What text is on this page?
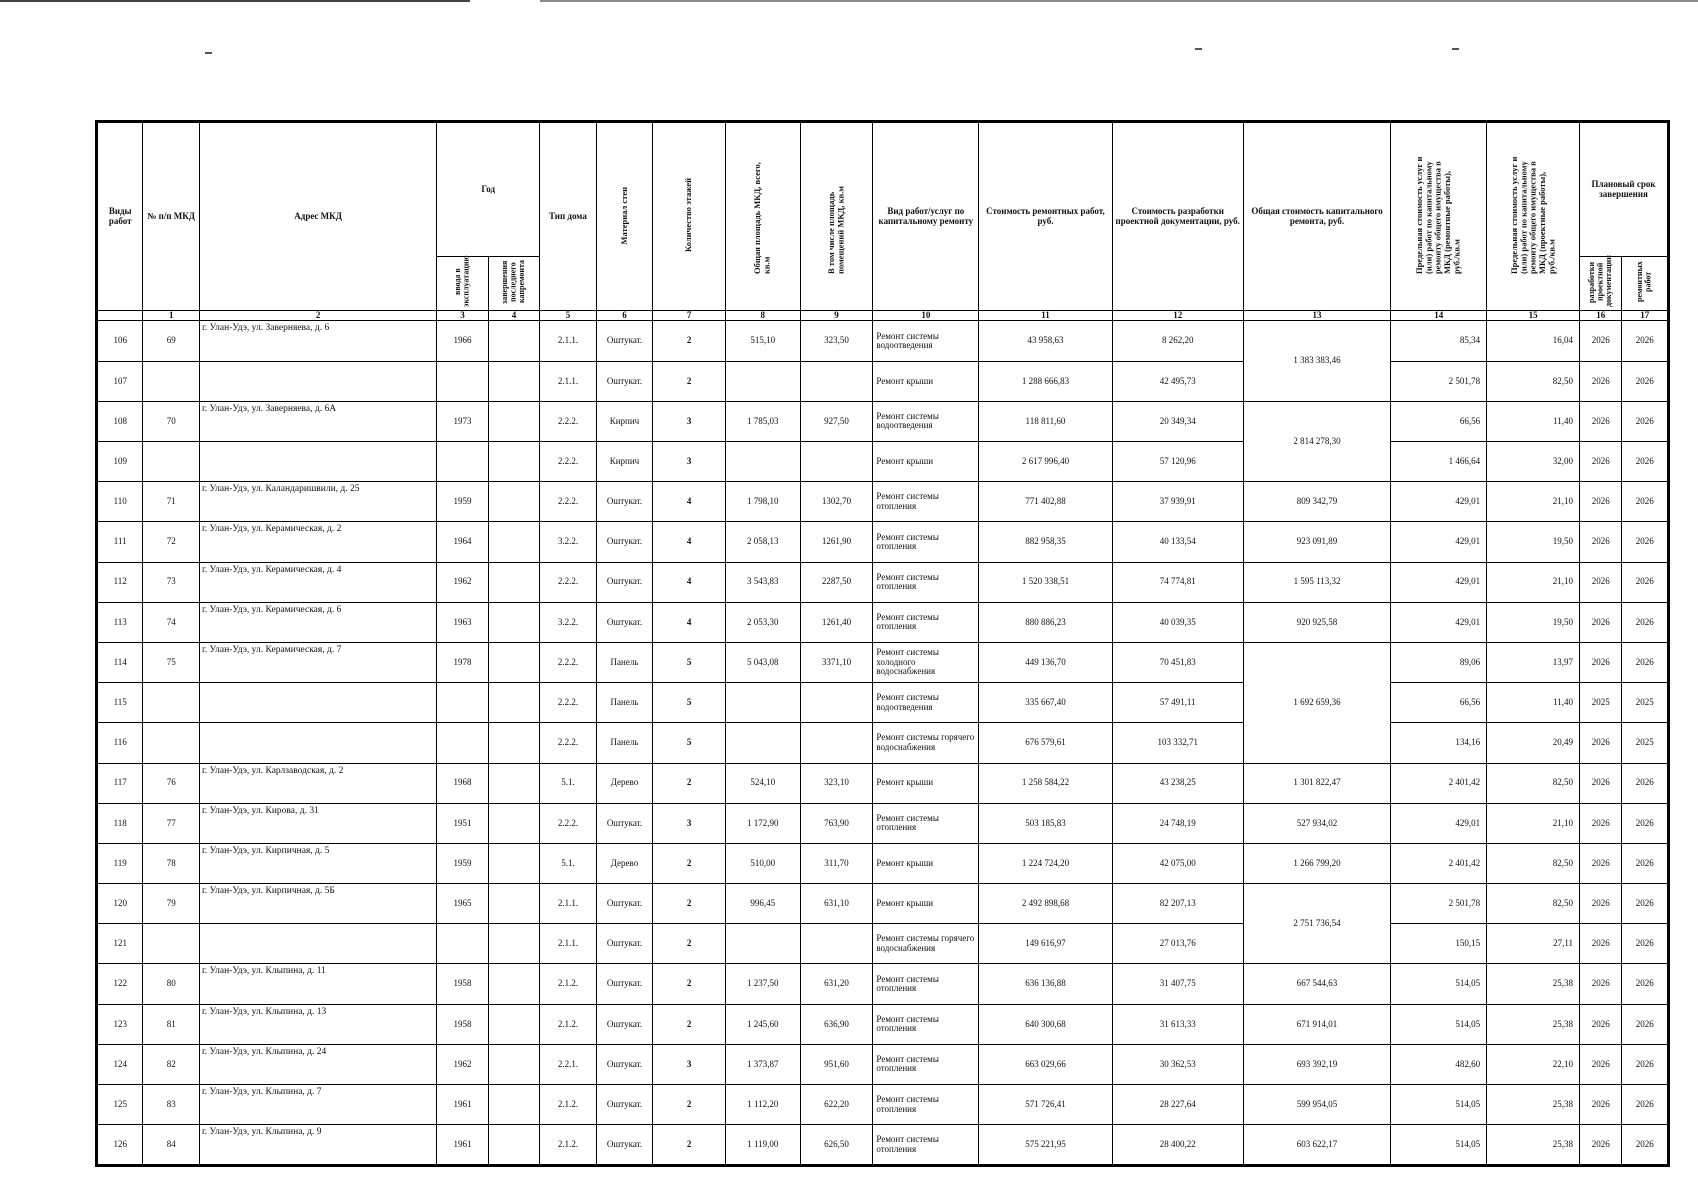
Виды работ	№ п/п МКД	Адрес МКД	Год		Тип дома	Материал стен	Количество этажей	Общая площадь МКД, всего, кв.м	В том числе площадь помещений МКД, кв.м	Вид работ/услуг по капитальному ремонту	Стоимость ремонтных работ, руб.	Стоимость разработки проектной документации, руб.	Общая стоимость капитального ремонта, руб.	Предельная стоимость услуг и (или) работ по капитальному ремонту общего имущества в МКД (ремонтные работы), руб./кв.м	Предельная стоимость услуг и (или) работ по капитальному ремонту общего имущества в МКД (проектные работы), руб./кв.м	Плановый срок завершения	
			ввода в эксплуатацию	завершения последнего капремонта												разработки проектной документации	ремонтных работ
	1	2	3	4	5	6	7	8	9	10	11	12	13	14	15	16	17
106	69	г. Улан-Удэ, ул. Заверняева, д. 6	1966		2.1.1.	Оштукат.	2	515,10	323,50	Ремонт системы водоотведения	43 958,63	8 262,20	1 383 383,46	85,34	16,04	2026	2026
107					2.1.1.	Оштукат.	2			Ремонт крыши	1 288 666,83	42 495,73		2 501,78	82,50	2026	2026
108	70	г. Улан-Удэ, ул. Заверняева, д. 6А	1973		2.2.2.	Кирпич	3	1 785,03	927,50	Ремонт системы водоотведения	118 811,60	20 349,34	2 814 278,30	66,56	11,40	2026	2026
109					2.2.2.	Кирпич	3			Ремонт крыши	2 617 996,40	57 120,96		1 466,64	32,00	2026	2026
110	71	г. Улан-Удэ, ул. Каландаришвили, д. 25	1959		2.2.2.	Оштукат.	4	1 798,10	1302,70	Ремонт системы отопления	771 402,88	37 939,91	809 342,79	429,01	21,10	2026	2026
111	72	г. Улан-Удэ, ул. Керамическая, д. 2	1964		3.2.2.	Оштукат.	4	2 058,13	1261,90	Ремонт системы отопления	882 958,35	40 133,54	923 091,89	429,01	19,50	2026	2026
112	73	г. Улан-Удэ, ул. Керамическая, д. 4	1962		2.2.2.	Оштукат.	4	3 543,83	2287,50	Ремонт системы отопления	1 520 338,51	74 774,81	1 595 113,32	429,01	21,10	2026	2026
113	74	г. Улан-Удэ, ул. Керамическая, д. 6	1963		3.2.2.	Оштукат.	4	2 053,30	1261,40	Ремонт системы отопления	880 886,23	40 039,35	920 925,58	429,01	19,50	2026	2026
114	75	г. Улан-Удэ, ул. Керамическая, д. 7	1978		2.2.2.	Панель	5	5 043,08	3371,10	Ремонт системы холодного водоснабжения	449 136,70	70 451,83	1 692 659,36	89,06	13,97	2026	2026
115					2.2.2.	Панель	5			Ремонт системы водоотведения	335 667,40	57 491,11		66,56	11,40	2025	2025
116					2.2.2.	Панель	5			Ремонт системы горячего водоснабжения	676 579,61	103 332,71		134,16	20,49	2026	2025
117	76	г. Улан-Удэ, ул. Карлзаводская, д. 2	1968		5.1.	Дерево	2	524,10	323,10	Ремонт крыши	1 258 584,22	43 238,25	1 301 822,47	2 401,42	82,50	2026	2026
118	77	г. Улан-Удэ, ул. Кирова, д. 31	1951		2.2.2.	Оштукат.	3	1 172,90	763,90	Ремонт системы отопления	503 185,83	24 748,19	527 934,02	429,01	21,10	2026	2026
119	78	г. Улан-Удэ, ул. Кирпичная, д. 5	1959		5.1.	Дерево	2	510,00	311,70	Ремонт крыши	1 224 724,20	42 075,00	1 266 799,20	2 401,42	82,50	2026	2026
120	79	г. Улан-Удэ, ул. Кирпичная, д. 5Б	1965		2.1.1.	Оштукат.	2	996,45	631,10	Ремонт крыши	2 492 898,68	82 207,13	2 751 736,54	2 501,78	82,50	2026	2026
121					2.1.1.	Оштукат.	2			Ремонт системы горячего водоснабжения	149 616,97	27 013,76		150,15	27,11	2026	2026
122	80	г. Улан-Удэ, ул. Клыпина, д. 11	1958		2.1.2.	Оштукат.	2	1 237,50	631,20	Ремонт системы отопления	636 136,88	31 407,75	667 544,63	514,05	25,38	2026	2026
123	81	г. Улан-Удэ, ул. Клыпина, д. 13	1958		2.1.2.	Оштукат.	2	1 245,60	636,90	Ремонт системы отопления	640 300,68	31 613,33	671 914,01	514,05	25,38	2026	2026
124	82	г. Улан-Удэ, ул. Клыпина, д. 24	1962		2.2.1.	Оштукат.	3	1 373,87	951,60	Ремонт системы отопления	663 029,66	30 362,53	693 392,19	482,60	22,10	2026	2026
125	83	г. Улан-Удэ, ул. Клыпина, д. 7	1961		2.1.2.	Оштукат.	2	1 112,20	622,20	Ремонт системы отопления	571 726,41	28 227,64	599 954,05	514,05	25,38	2026	2026
126	84	г. Улан-Удэ, ул. Клыпина, д. 9	1961		2.1.2.	Оштукат.	2	1 119,00	626,50	Ремонт системы отопления	575 221,95	28 400,22	603 622,17	514,05	25,38	2026	2026
